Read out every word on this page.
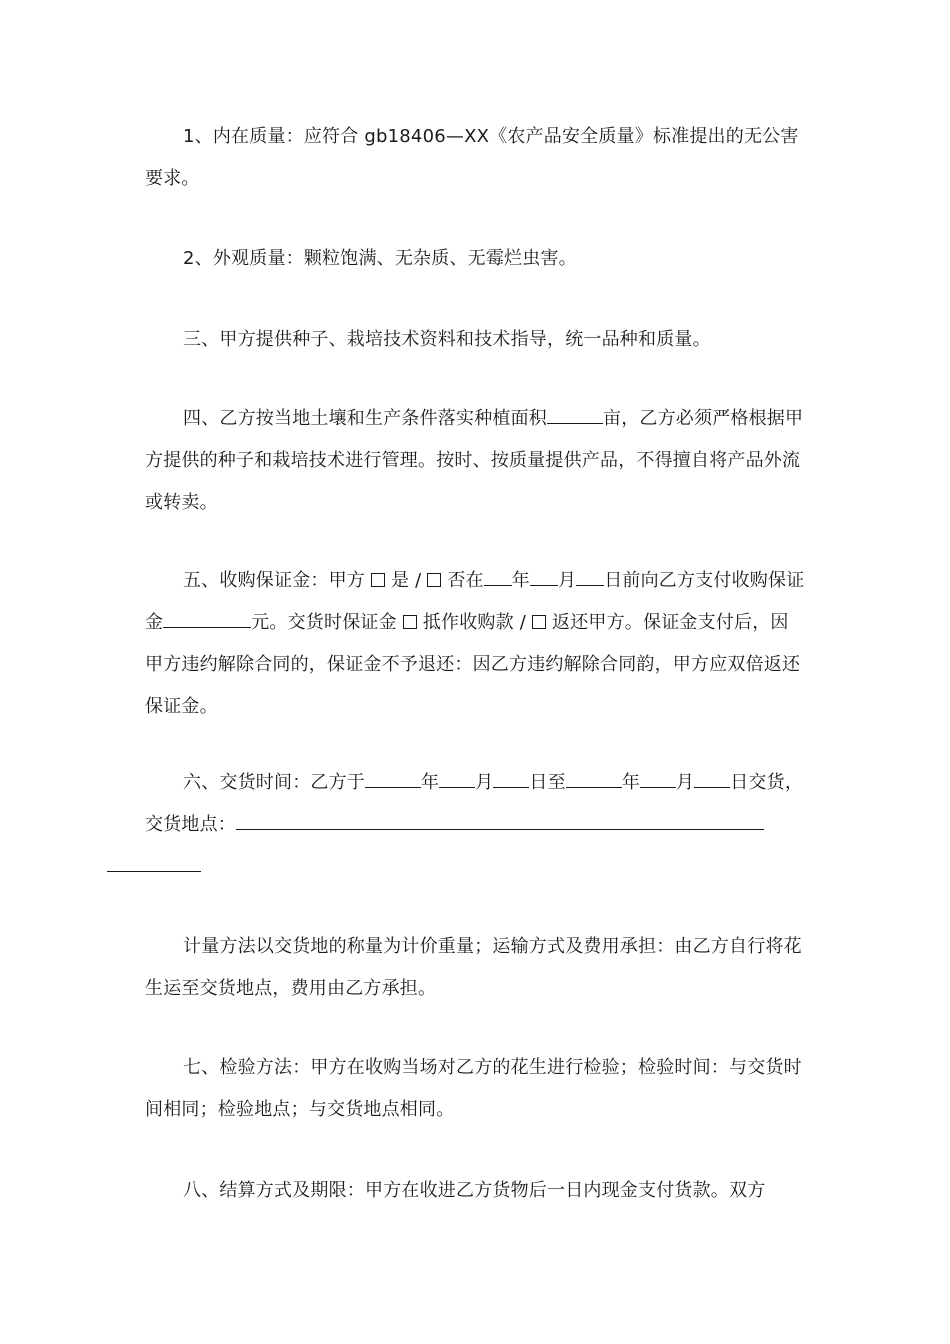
1、内在质量：应符合 gb18406—XX《农产品安全质量》标准提出的无公害要求。

2、外观质量：颗粒饱满、无杂质、无霉烂虫害。

三、甲方提供种子、栽培技术资料和技术指导，统一品种和质量。

四、乙方按当地土壤和生产条件落实种植面积	亩，乙方必须严格根据甲方提供的种子和栽培技术进行管理。按时、按质量提供产品，不得擅自将产品外流或转卖。

五、收购保证金：甲方 是 / 否在 年 月 日前向乙方支付收购保证金	元。交货时保证金 抵作收购款 / 返还甲方。保证金支付后，因甲方违约解除合同的，保证金不予退还：因乙方违约解除合同韵，甲方应双倍返还保证金。

六、交货时间：乙方于	年 月 日至	年 月 日交货，交货地点：

计量方法以交货地的称量为计价重量；运输方式及费用承担：由乙方自行将花生运至交货地点，费用由乙方承担。

七、检验方法：甲方在收购当场对乙方的花生进行检验；检验时间：与交货时间相同；检验地点；与交货地点相同。

八、结算方式及期限：甲方在收进乙方货物后一日内现金支付货款。双方
